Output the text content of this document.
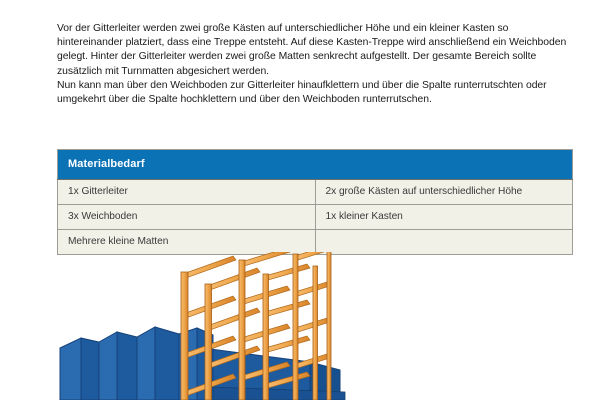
Vor der Gitterleiter werden zwei große Kästen auf unterschiedlicher Höhe und ein kleiner Kasten so hintereinander platziert, dass eine Treppe entsteht. Auf diese Kasten-Treppe wird anschließend ein Weichboden gelegt. Hinter der Gitterleiter werden zwei große Matten senkrecht aufgestellt. Der gesamte Bereich sollte zusätzlich mit Turnmatten abgesichert werden.

Nun kann man über den Weichboden zur Gitterleiter hinaufklettern und über die Spalte runterrutschten oder umgekehrt über die Spalte hochklettern und über den Weichboden runterrutschen.

Materialbedarf	
1x Gitterleiter	2x große Kästen auf unterschiedlicher Höhe
3x Weichboden	1x kleiner Kasten
Mehrere kleine Matten	
